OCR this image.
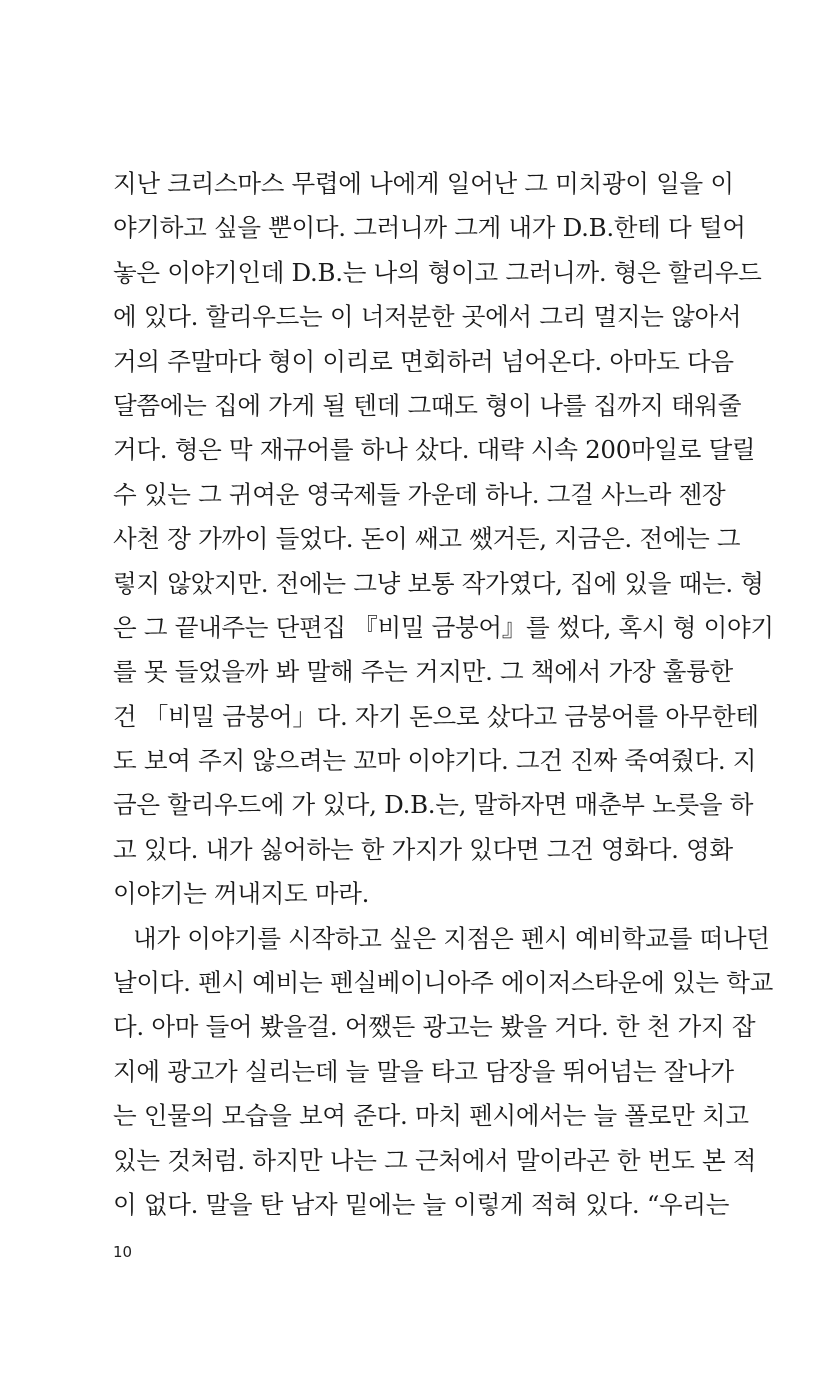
지난 크리스마스 무렵에 나에게 일어난 그 미치광이 일을 이
야기하고 싶을 뿐이다. 그러니까 그게 내가 D.B.한테 다 털어
놓은 이야기인데 D.B.는 나의 형이고 그러니까. 형은 할리우드
에 있다. 할리우드는 이 너저분한 곳에서 그리 멀지는 않아서
거의 주말마다 형이 이리로 면회하러 넘어온다. 아마도 다음
달쯤에는 집에 가게 될 텐데 그때도 형이 나를 집까지 태워줄
거다. 형은 막 재규어를 하나 샀다. 대략 시속 200마일로 달릴
수 있는 그 귀여운 영국제들 가운데 하나. 그걸 사느라 젠장
사천 장 가까이 들었다. 돈이 쌔고 쌨거든, 지금은. 전에는 그
렇지 않았지만. 전에는 그냥 보통 작가였다, 집에 있을 때는. 형
은 그 끝내주는 단편집 『비밀 금붕어』를 썼다, 혹시 형 이야기
를 못 들었을까 봐 말해 주는 거지만. 그 책에서 가장 훌륭한
건 「비밀 금붕어」다. 자기 돈으로 샀다고 금붕어를 아무한테
도 보여 주지 않으려는 꼬마 이야기다. 그건 진짜 죽여줬다. 지
금은 할리우드에 가 있다, D.B.는, 말하자면 매춘부 노릇을 하
고 있다. 내가 싫어하는 한 가지가 있다면 그건 영화다. 영화
이야기는 꺼내지도 마라.
내가 이야기를 시작하고 싶은 지점은 펜시 예비학교를 떠나던
날이다. 펜시 예비는 펜실베이니아주 에이저스타운에 있는 학교
다. 아마 들어 봤을걸. 어쨌든 광고는 봤을 거다. 한 천 가지 잡
지에 광고가 실리는데 늘 말을 타고 담장을 뛰어넘는 잘나가
는 인물의 모습을 보여 준다. 마치 펜시에서는 늘 폴로만 치고
있는 것처럼. 하지만 나는 그 근처에서 말이라곤 한 번도 본 적
이 없다. 말을 탄 남자 밑에는 늘 이렇게 적혀 있다. “우리는
10
